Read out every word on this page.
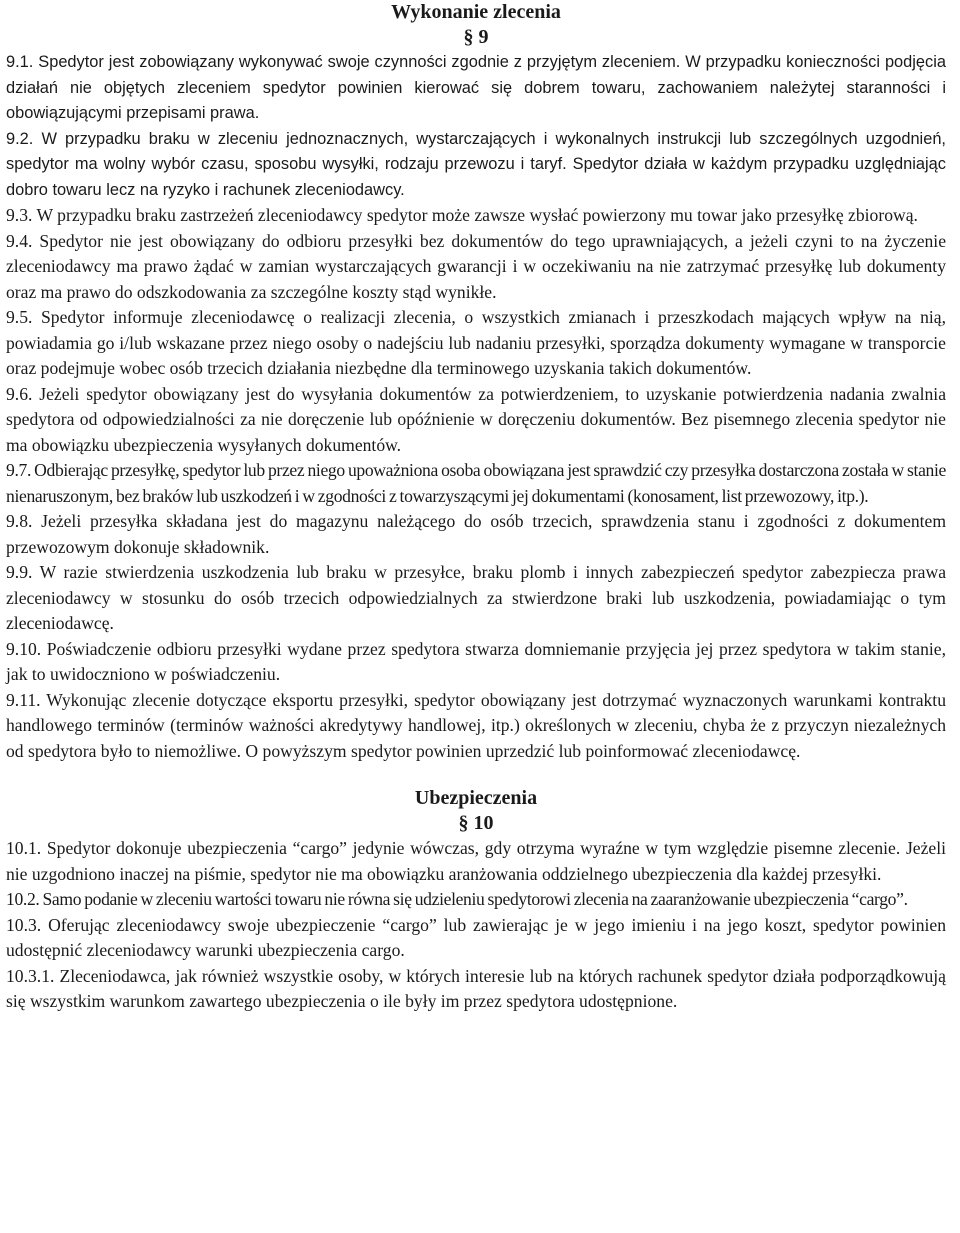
Wykonanie zlecenia
§ 9

9.1. Spedytor jest zobowiązany wykonywać swoje czynności zgodnie z przyjętym zleceniem. W przypadku konieczności podjęcia działań nie objętych zleceniem spedytor powinien kierować się dobrem towaru, zachowaniem należytej staranności i obowiązującymi przepisami prawa.

9.2. W przypadku braku w zleceniu jednoznacznych, wystarczających i wykonalnych instrukcji lub szczególnych uzgodnień, spedytor ma wolny wybór czasu, sposobu wysyłki, rodzaju przewozu i taryf. Spedytor działa w każdym przypadku uzględniając dobro towaru lecz na ryzyko i rachunek zleceniodawcy.

9.3. W przypadku braku zastrzeżeń zleceniodawcy spedytor może zawsze wysłać powierzony mu towar jako przesyłkę zbiorową.

9.4. Spedytor nie jest obowiązany do odbioru przesyłki bez dokumentów do tego uprawniających, a jeżeli czyni to na życzenie zleceniodawcy ma prawo żądać w zamian wystarczających gwarancji i w oczekiwaniu na nie zatrzymać przesyłkę lub dokumenty oraz ma prawo do odszkodowania za szczególne koszty stąd wynikłe.

9.5. Spedytor informuje zleceniodawcę o realizacji zlecenia, o wszystkich zmianach i przeszkodach mających wpływ na nią, powiadamia go i/lub wskazane przez niego osoby o nadejściu lub nadaniu przesyłki, sporządza dokumenty wymagane w transporcie oraz podejmuje wobec osób trzecich działania niezbędne dla terminowego uzyskania takich dokumentów.

9.6. Jeżeli spedytor obowiązany jest do wysyłania dokumentów za potwierdzeniem, to uzyskanie potwierdzenia nadania zwalnia spedytora od odpowiedzialności za nie doręczenie lub opóźnienie w doręczeniu dokumentów. Bez pisemnego zlecenia spedytor nie ma obowiązku ubezpieczenia wysyłanych dokumentów.

9.7. Odbierając przesyłkę, spedytor lub przez niego upoważniona osoba obowiązana jest sprawdzić czy przesyłka dostarczona została w stanie nienaruszonym, bez braków lub uszkodzeń i w zgodności z towarzyszącymi jej dokumentami (konosament, list przewozowy, itp.).

9.8. Jeżeli przesyłka składana jest do magazynu należącego do osób trzecich, sprawdzenia stanu i zgodności z dokumentem przewozowym dokonuje składownik.

9.9. W razie stwierdzenia uszkodzenia lub braku w przesyłce, braku plomb i innych zabezpieczeń spedytor zabezpiecza prawa zleceniodawcy w stosunku do osób trzecich odpowiedzialnych za stwierdzone braki lub uszkodzenia, powiadamiając o tym zleceniodawcę.

9.10. Poświadczenie odbioru przesyłki wydane przez spedytora stwarza domniemanie przyjęcia jej przez spedytora w takim stanie, jak to uwidoczniono w poświadczeniu.

9.11. Wykonując zlecenie dotyczące eksportu przesyłki, spedytor obowiązany jest dotrzymać wyznaczonych warunkami kontraktu handlowego terminów (terminów ważności akredytywy handlowej, itp.) określonych w zleceniu, chyba że z przyczyn niezależnych od spedytora było to niemożliwe. O powyższym spedytor powinien uprzedzić lub poinformować zleceniodawcę.

Ubezpieczenia
§ 10

10.1. Spedytor dokonuje ubezpieczenia “cargo” jedynie wówczas, gdy otrzyma wyraźne w tym względzie pisemne zlecenie. Jeżeli nie uzgodniono inaczej na piśmie, spedytor nie ma obowiązku aranżowania oddzielnego ubezpieczenia dla każdej przesyłki.

10.2. Samo podanie w zleceniu wartości towaru nie równa się udzieleniu spedytorowi zlecenia na zaaranżowanie ubezpieczenia “cargo”.

10.3. Oferując zleceniodawcy swoje ubezpieczenie “cargo” lub zawierając je w jego imieniu i na jego koszt, spedytor powinien udostępnić zleceniodawcy warunki ubezpieczenia cargo.

10.3.1. Zleceniodawca, jak również wszystkie osoby, w których interesie lub na których rachunek spedytor działa podporządkowują się wszystkim warunkom zawartego ubezpieczenia o ile były im przez spedytora udostępnione.
